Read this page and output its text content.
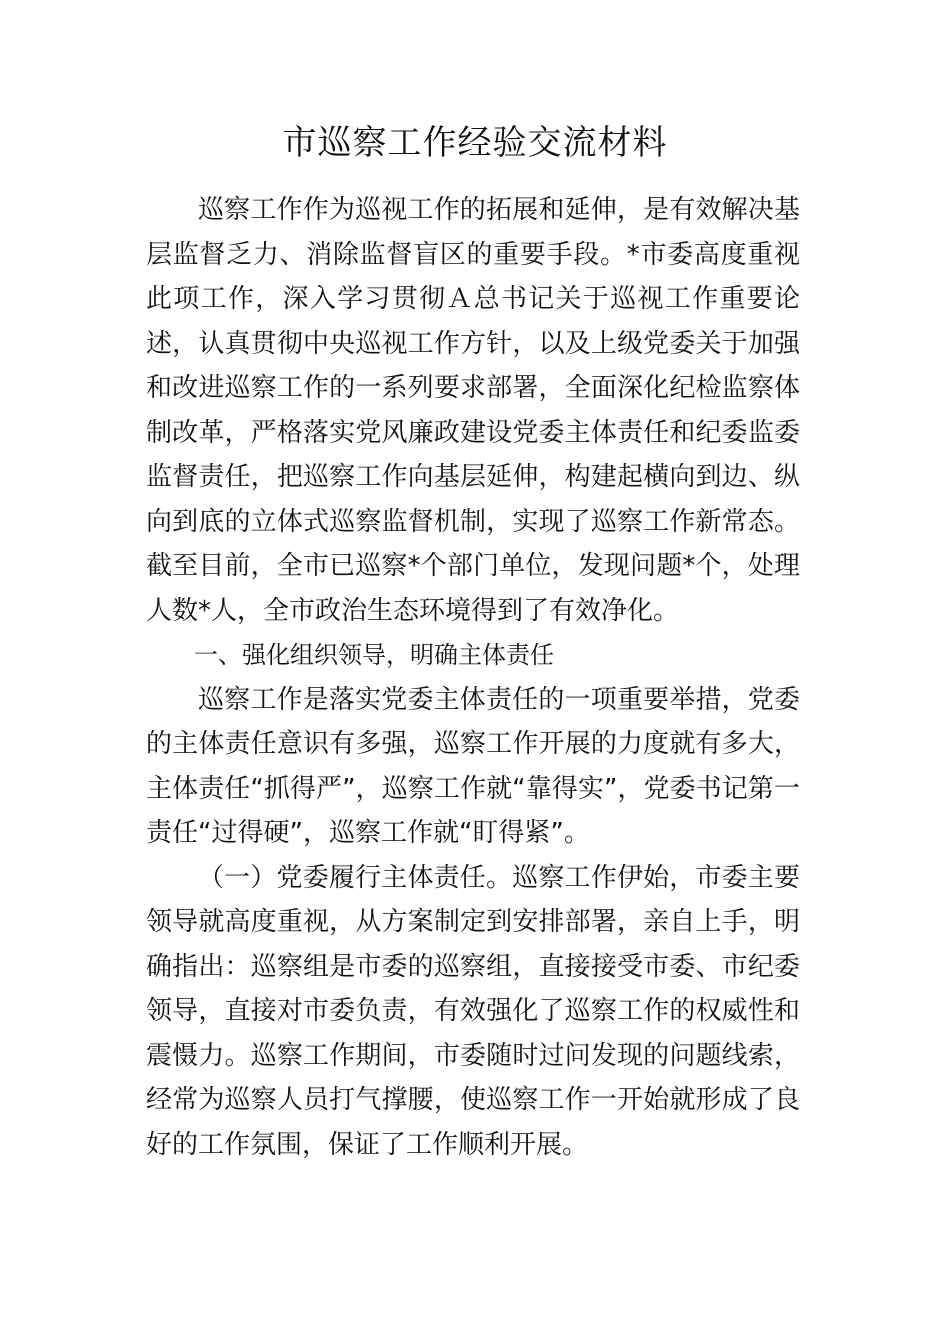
市巡察工作经验交流材料

巡察工作作为巡视工作的拓展和延伸，是有效解决基层监督乏力、消除监督盲区的重要手段。*市委高度重视此项工作，深入学习贯彻Ａ总书记关于巡视工作重要论述，认真贯彻中央巡视工作方针，以及上级党委关于加强和改进巡察工作的一系列要求部署，全面深化纪检监察体制改革，严格落实党风廉政建设党委主体责任和纪委监委监督责任，把巡察工作向基层延伸，构建起横向到边、纵向到底的立体式巡察监督机制，实现了巡察工作新常态。截至目前，全市已巡察*个部门单位，发现问题*个，处理人数*人，全市政治生态环境得到了有效净化。

一、强化组织领导，明确主体责任

巡察工作是落实党委主体责任的一项重要举措，党委的主体责任意识有多强，巡察工作开展的力度就有多大，主体责任“抓得严”，巡察工作就“靠得实”，党委书记第一责任“过得硬”，巡察工作就“盯得紧”。

（一）党委履行主体责任。巡察工作伊始，市委主要领导就高度重视，从方案制定到安排部署，亲自上手，明确指出：巡察组是市委的巡察组，直接接受市委、市纪委领导，直接对市委负责，有效强化了巡察工作的权威性和震慑力。巡察工作期间，市委随时过问发现的问题线索，经常为巡察人员打气撑腰，使巡察工作一开始就形成了良好的工作氛围，保证了工作顺利开展。
